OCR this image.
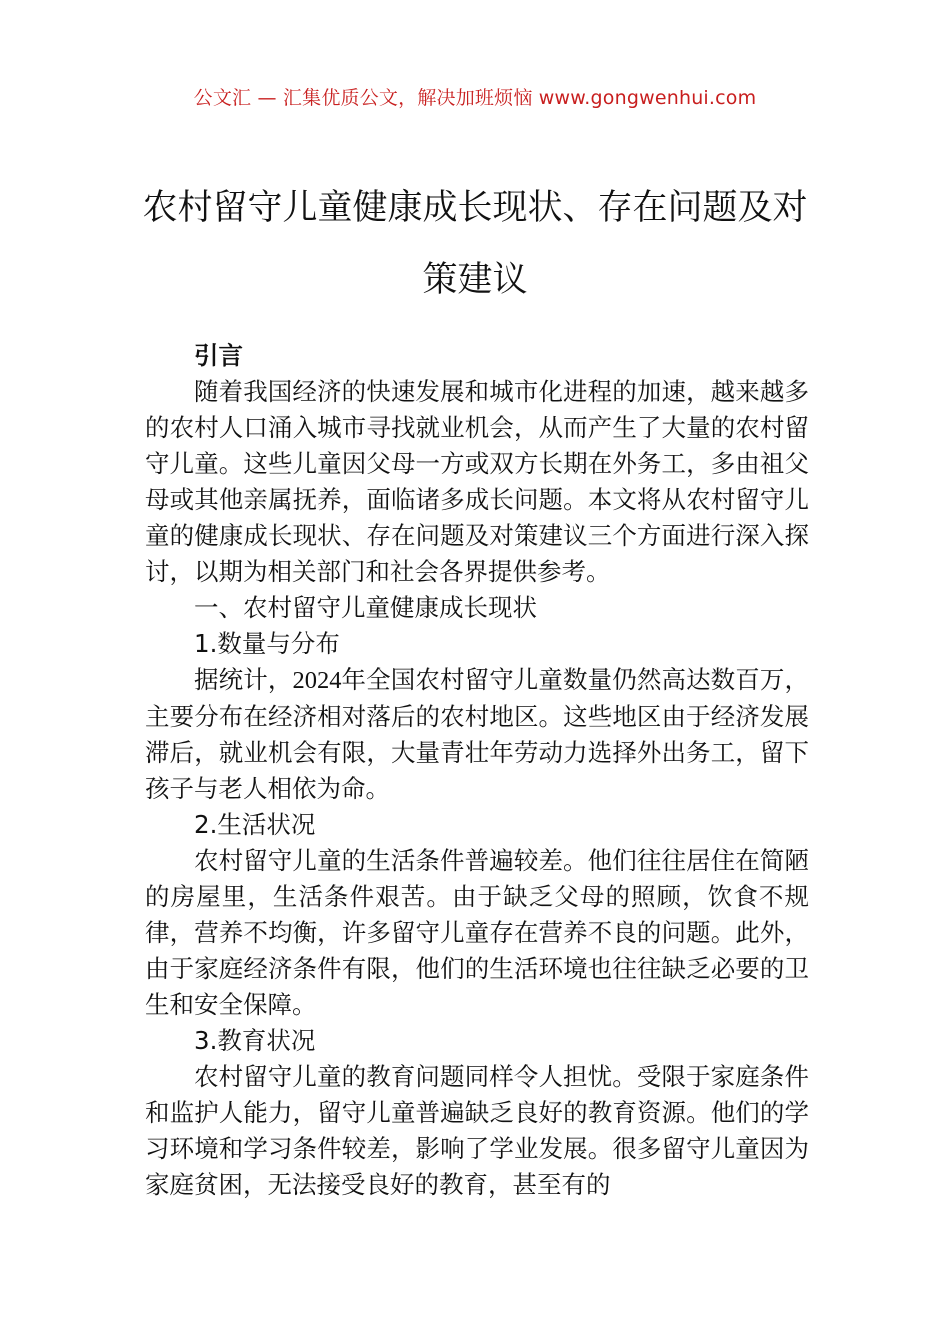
公文汇 — 汇集优质公文，解决加班烦恼 www.gongwenhui.com
农村留守儿童健康成长现状、存在问题及对策建议

引言

随着我国经济的快速发展和城市化进程的加速，越来越多的农村人口涌入城市寻找就业机会，从而产生了大量的农村留守儿童。这些儿童因父母一方或双方长期在外务工，多由祖父母或其他亲属抚养，面临诸多成长问题。本文将从农村留守儿童的健康成长现状、存在问题及对策建议三个方面进行深入探讨，以期为相关部门和社会各界提供参考。

一、农村留守儿童健康成长现状

1.数量与分布

据统计，2024年全国农村留守儿童数量仍然高达数百万，主要分布在经济相对落后的农村地区。这些地区由于经济发展滞后，就业机会有限，大量青壮年劳动力选择外出务工，留下孩子与老人相依为命。

2.生活状况

农村留守儿童的生活条件普遍较差。他们往往居住在简陋的房屋里，生活条件艰苦。由于缺乏父母的照顾，饮食不规律，营养不均衡，许多留守儿童存在营养不良的问题。此外，由于家庭经济条件有限，他们的生活环境也往往缺乏必要的卫生和安全保障。

3.教育状况

农村留守儿童的教育问题同样令人担忧。受限于家庭条件和监护人能力，留守儿童普遍缺乏良好的教育资源。他们的学习环境和学习条件较差，影响了学业发展。很多留守儿童因为家庭贫困，无法接受良好的教育，甚至有的
